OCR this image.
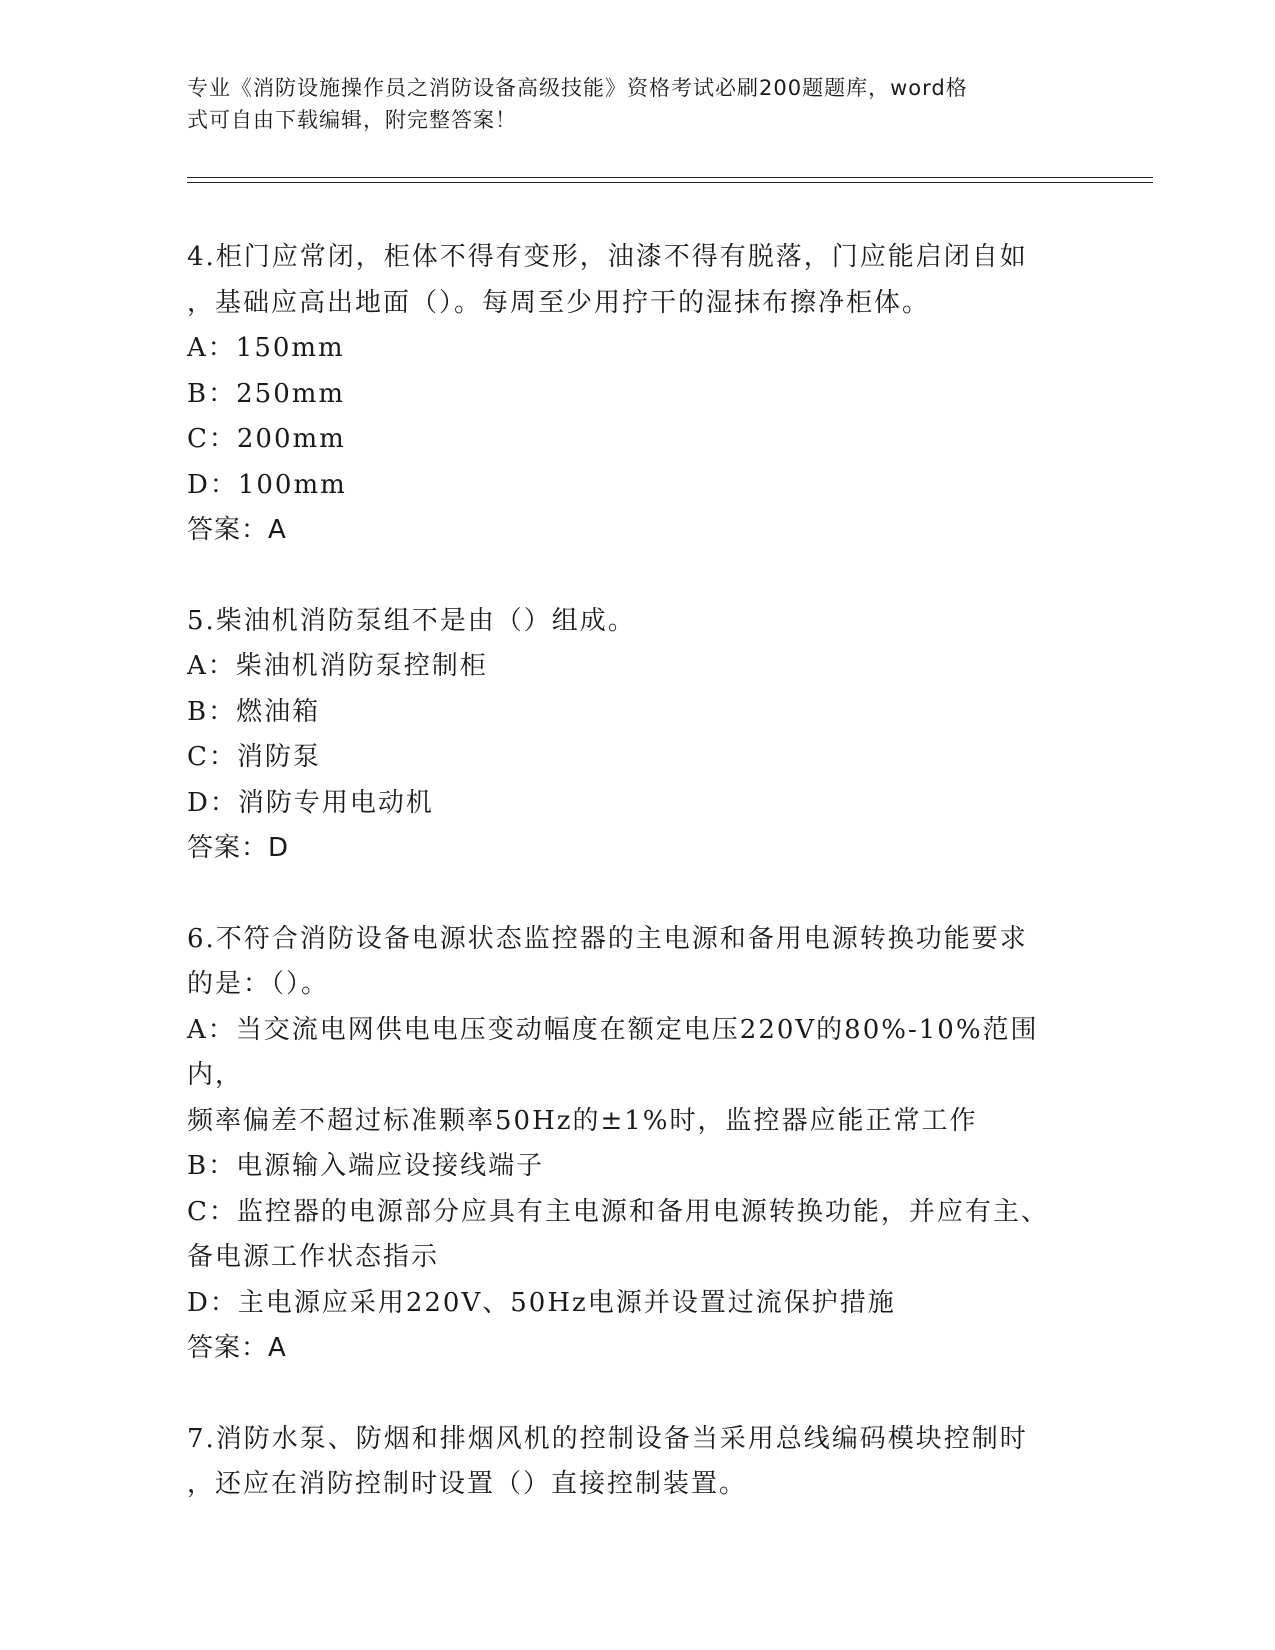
专业《消防设施操作员之消防设备高级技能》资格考试必刷200题题库，word格
式可自由下载编辑，附完整答案！
4.柜门应常闭，柜体不得有变形，油漆不得有脱落，门应能启闭自如
，基础应高出地面（）。每周至少用拧干的湿抹布擦净柜体。
A：150mm
B：250mm
C：200mm
D：100mm
答案：A
5.柴油机消防泵组不是由（）组成。
A：柴油机消防泵控制柜
B：燃油箱
C：消防泵
D：消防专用电动机
答案：D
6.不符合消防设备电源状态监控器的主电源和备用电源转换功能要求
的是：（）。
A：当交流电网供电电压变动幅度在额定电压220V的80%-10%范围内，
频率偏差不超过标准颗率50Hz的±1%时，监控器应能正常工作
B：电源输入端应设接线端子
C：监控器的电源部分应具有主电源和备用电源转换功能，并应有主、
备电源工作状态指示
D：主电源应采用220V、50Hz电源并设置过流保护措施
答案：A
7.消防水泵、防烟和排烟风机的控制设备当采用总线编码模块控制时
，还应在消防控制时设置（）直接控制装置。
